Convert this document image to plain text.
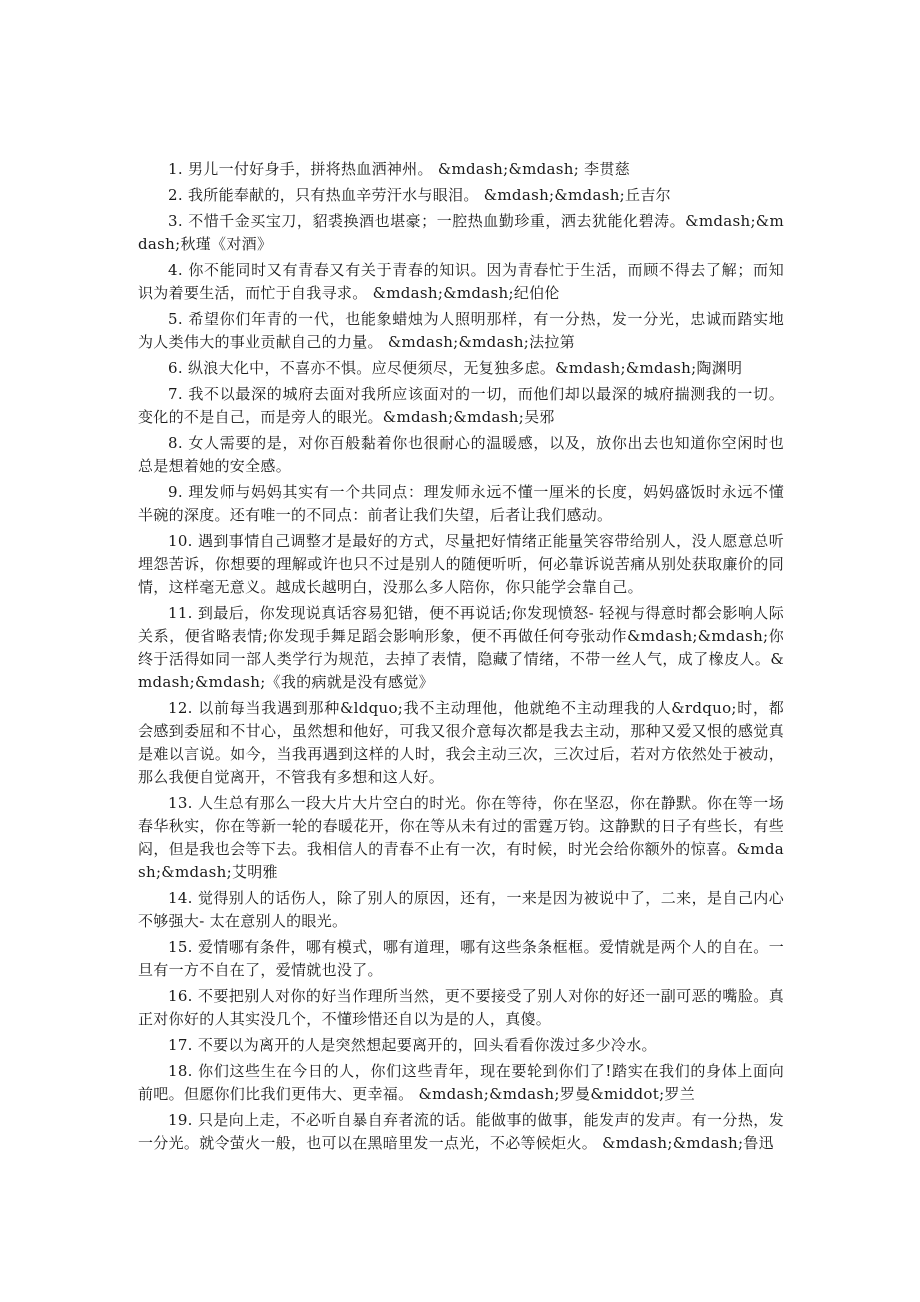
1. 男儿一付好身手，拼将热血洒神州。 &mdash;&mdash; 李贯慈

2. 我所能奉献的，只有热血辛劳汗水与眼泪。 &mdash;&mdash;丘吉尔

3. 不惜千金买宝刀，貂裘换酒也堪豪；一腔热血勤珍重，洒去犹能化碧涛。&mdash;&mdash;秋瑾《对酒》

4. 你不能同时又有青春又有关于青春的知识。因为青春忙于生活，而顾不得去了解；而知识为着要生活，而忙于自我寻求。 &mdash;&mdash;纪伯伦

5. 希望你们年青的一代，也能象蜡烛为人照明那样，有一分热，发一分光，忠诚而踏实地为人类伟大的事业贡献自己的力量。 &mdash;&mdash;法拉第

6. 纵浪大化中，不喜亦不惧。应尽便须尽，无复独多虑。&mdash;&mdash;陶渊明

7. 我不以最深的城府去面对我所应该面对的一切，而他们却以最深的城府揣测我的一切。变化的不是自己，而是旁人的眼光。&mdash;&mdash;吴邪

8. 女人需要的是，对你百般黏着你也很耐心的温暖感，以及，放你出去也知道你空闲时也总是想着她的安全感。

9. 理发师与妈妈其实有一个共同点：理发师永远不懂一厘米的长度，妈妈盛饭时永远不懂半碗的深度。还有唯一的不同点：前者让我们失望，后者让我们感动。

10. 遇到事情自己调整才是最好的方式，尽量把好情绪正能量笑容带给别人，没人愿意总听埋怨苦诉，你想要的理解或许也只不过是别人的随便听听，何必靠诉说苦痛从别处获取廉价的同情，这样毫无意义。越成长越明白，没那么多人陪你，你只能学会靠自己。

11. 到最后，你发现说真话容易犯错，便不再说话;你发现愤怒- 轻视与得意时都会影响人际关系，便省略表情;你发现手舞足蹈会影响形象，便不再做任何夸张动作&mdash;&mdash;你终于活得如同一部人类学行为规范，去掉了表情，隐藏了情绪，不带一丝人气，成了橡皮人。&mdash;&mdash;《我的病就是没有感觉》

12. 以前每当我遇到那种&ldquo;我不主动理他，他就绝不主动理我的人&rdquo;时，都会感到委屈和不甘心，虽然想和他好，可我又很介意每次都是我去主动，那种又爱又恨的感觉真是难以言说。如今，当我再遇到这样的人时，我会主动三次，三次过后，若对方依然处于被动，那么我便自觉离开，不管我有多想和这人好。

13. 人生总有那么一段大片大片空白的时光。你在等待，你在坚忍，你在静默。你在等一场春华秋实，你在等新一轮的春暖花开，你在等从未有过的雷霆万钧。这静默的日子有些长，有些闷，但是我也会等下去。我相信人的青春不止有一次，有时候，时光会给你额外的惊喜。&mdash;&mdash;艾明雅

14. 觉得别人的话伤人，除了别人的原因，还有，一来是因为被说中了，二来，是自己内心不够强大- 太在意别人的眼光。

15. 爱情哪有条件，哪有模式，哪有道理，哪有这些条条框框。爱情就是两个人的自在。一旦有一方不自在了，爱情就也没了。

16. 不要把别人对你的好当作理所当然，更不要接受了别人对你的好还一副可恶的嘴脸。真正对你好的人其实没几个，不懂珍惜还自以为是的人，真傻。

17. 不要以为离开的人是突然想起要离开的，回头看看你泼过多少冷水。

18. 你们这些生在今日的人，你们这些青年，现在要轮到你们了!踏实在我们的身体上面向前吧。但愿你们比我们更伟大、更幸福。 &mdash;&mdash;罗曼&middot;罗兰

19. 只是向上走，不必听自暴自弃者流的话。能做事的做事，能发声的发声。有一分热，发一分光。就令萤火一般，也可以在黑暗里发一点光，不必等候炬火。 &mdash;&mdash;鲁迅
